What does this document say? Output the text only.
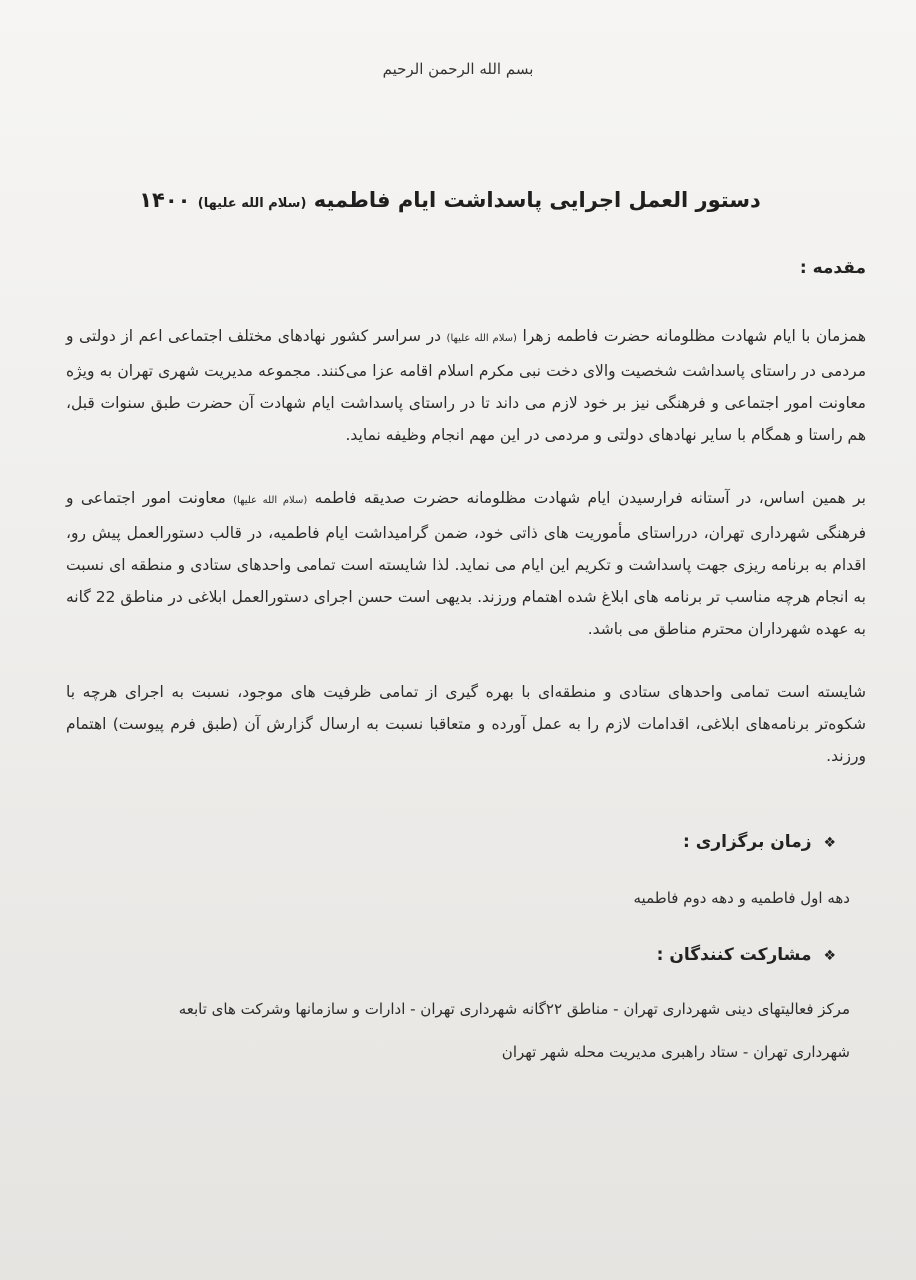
بسم الله الرحمن الرحیم
دستور العمل اجرایی پاسداشت ایام فاطمیه (سلام الله علیها) ۱۴۰۰
مقدمه :
همزمان با ایام شهادت مظلومانه حضرت فاطمه زهرا (سلام الله علیها) در سراسر کشور نهادهای مختلف اجتماعی اعم از دولتی و مردمی در راستای پاسداشت شخصیت والای دخت نبی مکرم اسلام اقامه عزا می‌کنند. مجموعه مدیریت شهری تهران به ویژه معاونت امور اجتماعی و فرهنگی نیز بر خود لازم می داند تا در راستای پاسداشت ایام شهادت آن حضرت طبق سنوات قبل، هم راستا و همگام با سایر نهادهای دولتی و مردمی در این مهم انجام وظیفه نماید.
بر همین اساس، در آستانه فرارسیدن ایام شهادت مظلومانه حضرت صدیقه فاطمه (سلام الله علیها) معاونت امور اجتماعی و فرهنگی شهرداری تهران، درراستای مأموریت های ذاتی خود، ضمن گرامیداشت ایام فاطمیه، در قالب دستورالعمل پیش رو، اقدام به برنامه ریزی جهت پاسداشت و تکریم این ایام می نماید. لذا شایسته است تمامی واحدهای ستادی و منطقه ای نسبت به انجام هرچه مناسب تر برنامه های ابلاغ شده اهتمام ورزند. بدیهی است حسن اجرای دستورالعمل ابلاغی در مناطق 22 گانه به عهده شهرداران محترم مناطق می باشد.
شایسته است تمامی واحدهای ستادی و منطقه‌ای با بهره گیری از تمامی ظرفیت های موجود، نسبت به اجرای هرچه با شکوه‌تر برنامه‌های ابلاغی، اقدامات لازم را به عمل آورده و متعاقبا نسبت به ارسال گزارش آن (طبق فرم پیوست) اهتمام ورزند.
❖ زمان برگزاری :
دهه اول فاطمیه و دهه دوم فاطمیه
❖ مشارکت کنندگان :
مرکز فعالیتهای دینی شهرداری تهران - مناطق ۲۲گانه شهرداری تهران - ادارات و سازمانها وشرکت های تابعه
شهرداری تهران - ستاد راهبری مدیریت محله شهر تهران
